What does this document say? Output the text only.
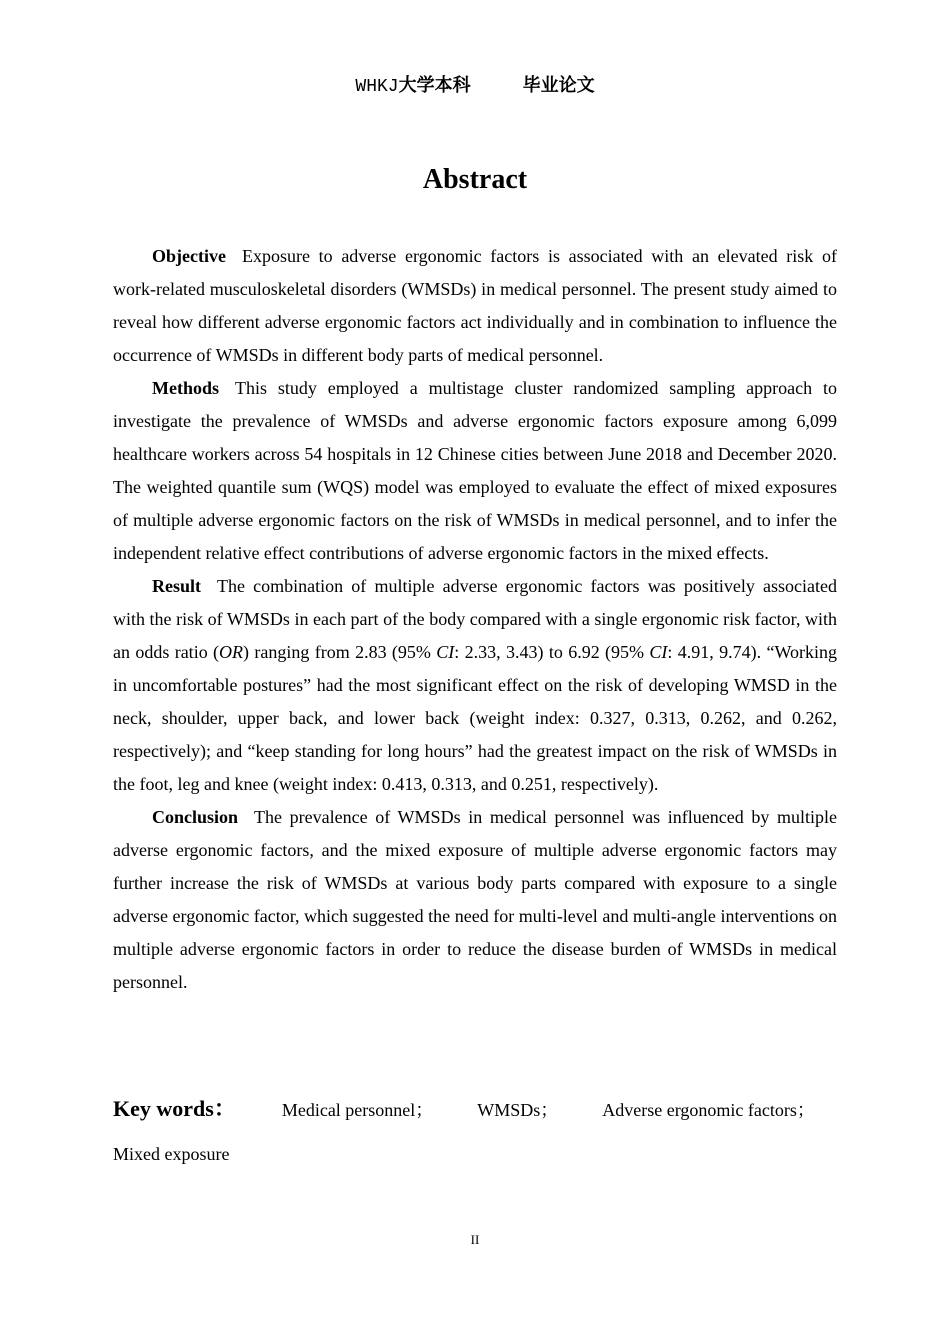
WHKJ大学本科	毕业论文
Abstract

Objective Exposure to adverse ergonomic factors is associated with an elevated risk of work-related musculoskeletal disorders (WMSDs) in medical personnel. The present study aimed to reveal how different adverse ergonomic factors act individually and in combination to influence the occurrence of WMSDs in different body parts of medical personnel.

Methods This study employed a multistage cluster randomized sampling approach to investigate the prevalence of WMSDs and adverse ergonomic factors exposure among 6,099 healthcare workers across 54 hospitals in 12 Chinese cities between June 2018 and December 2020. The weighted quantile sum (WQS) model was employed to evaluate the effect of mixed exposures of multiple adverse ergonomic factors on the risk of WMSDs in medical personnel, and to infer the independent relative effect contributions of adverse ergonomic factors in the mixed effects.

Result The combination of multiple adverse ergonomic factors was positively associated with the risk of WMSDs in each part of the body compared with a single ergonomic risk factor, with an odds ratio (OR) ranging from 2.83 (95% CI: 2.33, 3.43) to 6.92 (95% CI: 4.91, 9.74). “Working in uncomfortable postures” had the most significant effect on the risk of developing WMSD in the neck, shoulder, upper back, and lower back (weight index: 0.327, 0.313, 0.262, and 0.262, respectively); and “keep standing for long hours” had the greatest impact on the risk of WMSDs in the foot, leg and knee (weight index: 0.413, 0.313, and 0.251, respectively).

Conclusion The prevalence of WMSDs in medical personnel was influenced by multiple adverse ergonomic factors, and the mixed exposure of multiple adverse ergonomic factors may further increase the risk of WMSDs at various body parts compared with exposure to a single adverse ergonomic factor, which suggested the need for multi-level and multi-angle interventions on multiple adverse ergonomic factors in order to reduce the disease burden of WMSDs in medical personnel.

Key words：	Medical personnel； WMSDs； Adverse ergonomic factors；
Mixed exposure
II
